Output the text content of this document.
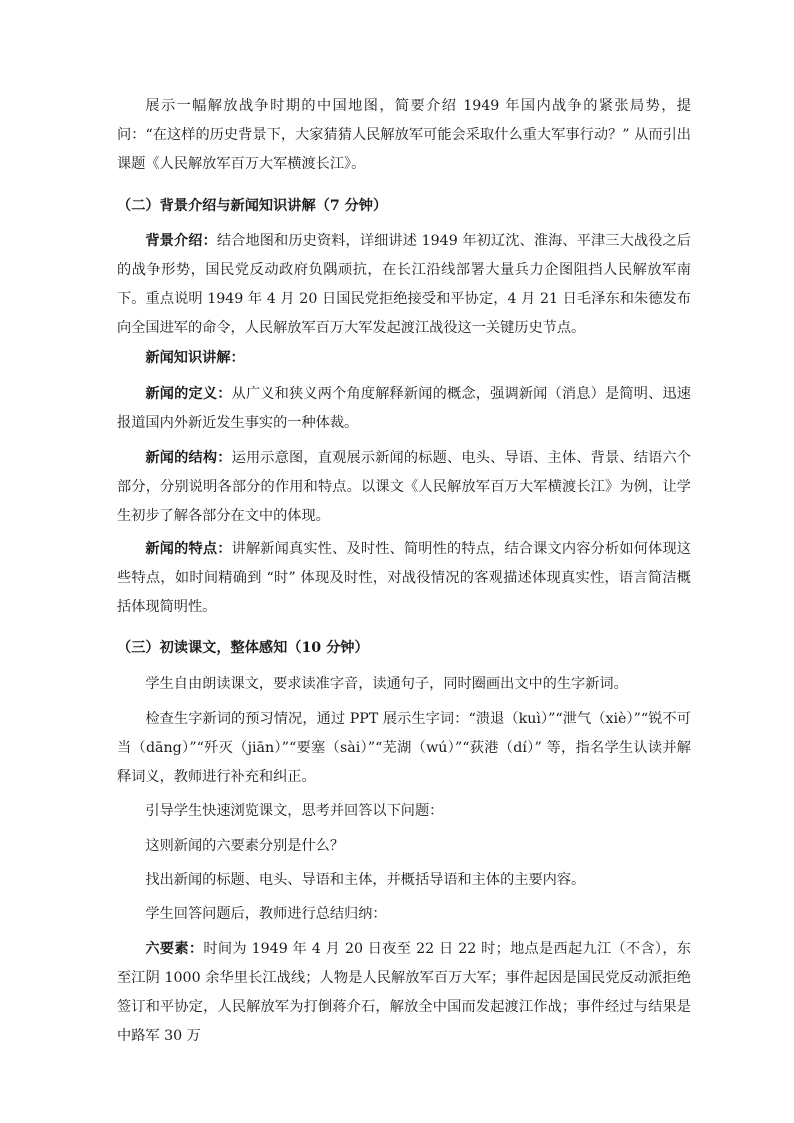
展示一幅解放战争时期的中国地图，简要介绍 1949 年国内战争的紧张局势，提问：“在这样的历史背景下，大家猜猜人民解放军可能会采取什么重大军事行动？” 从而引出课题《人民解放军百万大军横渡长江》。

（二）背景介绍与新闻知识讲解（7 分钟）

背景介绍：结合地图和历史资料，详细讲述 1949 年初辽沈、淮海、平津三大战役之后的战争形势，国民党反动政府负隅顽抗，在长江沿线部署大量兵力企图阻挡人民解放军南下。重点说明 1949 年 4 月 20 日国民党拒绝接受和平协定，4 月 21 日毛泽东和朱德发布向全国进军的命令，人民解放军百万大军发起渡江战役这一关键历史节点。

新闻知识讲解：

新闻的定义：从广义和狭义两个角度解释新闻的概念，强调新闻（消息）是简明、迅速报道国内外新近发生事实的一种体裁。

新闻的结构：运用示意图，直观展示新闻的标题、电头、导语、主体、背景、结语六个部分，分别说明各部分的作用和特点。以课文《人民解放军百万大军横渡长江》为例，让学生初步了解各部分在文中的体现。

新闻的特点：讲解新闻真实性、及时性、简明性的特点，结合课文内容分析如何体现这些特点，如时间精确到 “时” 体现及时性，对战役情况的客观描述体现真实性，语言简洁概括体现简明性。

（三）初读课文，整体感知（10 分钟）

学生自由朗读课文，要求读准字音，读通句子，同时圈画出文中的生字新词。

检查生字新词的预习情况，通过 PPT 展示生字词：“溃退（kuì）”“泄气（xiè）”“锐不可当（dāng）”“歼灭（jiān）”“要塞（sài）”“芜湖（wú）”“荻港（dí）” 等，指名学生认读并解释词义，教师进行补充和纠正。

引导学生快速浏览课文，思考并回答以下问题：

这则新闻的六要素分别是什么？

找出新闻的标题、电头、导语和主体，并概括导语和主体的主要内容。

学生回答问题后，教师进行总结归纳：

六要素：时间为 1949 年 4 月 20 日夜至 22 日 22 时；地点是西起九江（不含），东至江阴 1000 余华里长江战线；人物是人民解放军百万大军；事件起因是国民党反动派拒绝签订和平协定，人民解放军为打倒蒋介石，解放全中国而发起渡江作战；事件经过与结果是中路军 30 万
